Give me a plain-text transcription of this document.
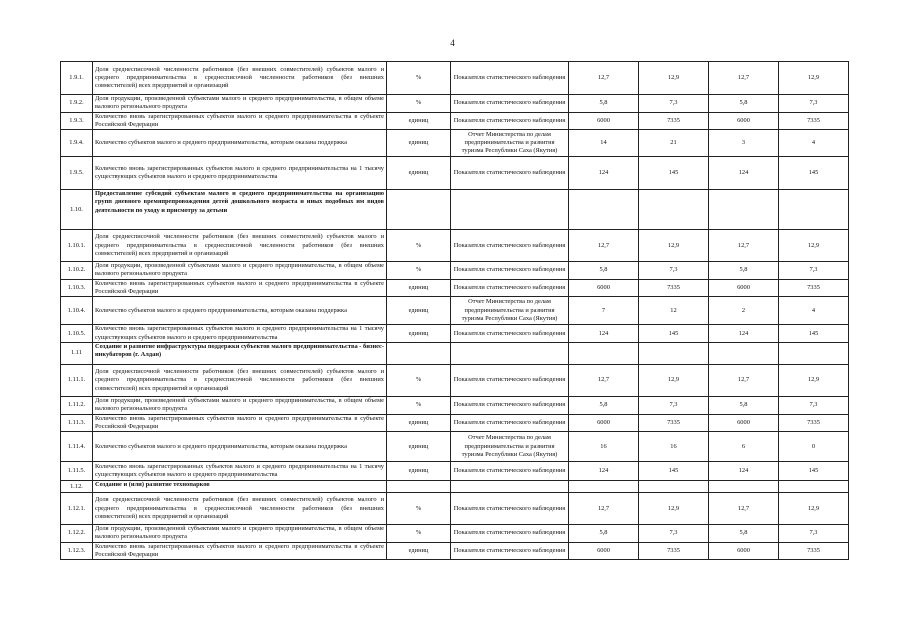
4
1.9.1.	Доля среднесписочной численности работников (без внешних совместителей) субъектов малого и среднего предпринимательства в среднесписочной численности работников (без внешних совместителей) всех предприятий и организаций	%	Показатели статистического наблюдения	12,7	12,9	12,7	12,9
1.9.2.	Доля продукции, произведенной субъектами малого и среднего предпринимательства, в общем объеме валового регионального продукта	%	Показатели статистического наблюдения	5,8	7,3	5,8	7,3
1.9.3.	Количество вновь зарегистрированных субъектов малого и среднего предпринимательства в субъекте Российской Федерации	единиц	Показатели статистического наблюдения	6000	7335	6000	7335
1.9.4.	Количество субъектов малого и среднего предпринимательства, которым оказана поддержка	единиц	Отчет Министерства по делам предпринимательства и развития туризма Республики Саха (Якутия)	14	21	3	4
1.9.5.	Количество вновь зарегистрированных субъектов малого и среднего предпринимательства на 1 тысячу существующих субъектов малого и среднего предпринимательства	единиц	Показатели статистического наблюдения	124	145	124	145
1.10.	Предоставление субсидий субъектам малого и среднего предпринимательства на организацию групп дневного времяпрепровождения детей дошкольного возраста и иных подобных им видов деятельности по уходу и присмотру за детьми						
1.10.1.	Доля среднесписочной численности работников (без внешних совместителей) субъектов малого и среднего предпринимательства в среднесписочной численности работников (без внешних совместителей) всех предприятий и организаций	%	Показатели статистического наблюдения	12,7	12,9	12,7	12,9
1.10.2.	Доля продукции, произведенной субъектами малого и среднего предпринимательства, в общем объеме валового регионального продукта	%	Показатели статистического наблюдения	5,8	7,3	5,8	7,3
1.10.3.	Количество вновь зарегистрированных субъектов малого и среднего предпринимательства в субъекте Российской Федерации	единиц	Показатели статистического наблюдения	6000	7335	6000	7335
1.10.4.	Количество субъектов малого и среднего предпринимательства, которым оказана поддержка	единиц	Отчет Министерства по делам предпринимательства и развития туризма Республики Саха (Якутия)	7	12	2	4
1.10.5.	Количество вновь зарегистрированных субъектов малого и среднего предпринимательства на 1 тысячу существующих субъектов малого и среднего предпринимательства	единиц	Показатели статистического наблюдения	124	145	124	145
1.11	Создание и развитие инфраструктуры поддержки субъектов малого предпринимательства - бизнес-инкубаторов (г. Алдан)						
1.11.1.	Доля среднесписочной численности работников (без внешних совместителей) субъектов малого и среднего предпринимательства в среднесписочной численности работников (без внешних совместителей) всех предприятий и организаций	%	Показатели статистического наблюдения	12,7	12,9	12,7	12,9
1.11.2.	Доля продукции, произведенной субъектами малого и среднего предпринимательства, в общем объеме валового регионального продукта	%	Показатели статистического наблюдения	5,8	7,3	5,8	7,3
1.11.3.	Количество вновь зарегистрированных субъектов малого и среднего предпринимательства в субъекте Российской Федерации	единиц	Показатели статистического наблюдения	6000	7335	6000	7335
1.11.4.	Количество субъектов малого и среднего предпринимательства, которым оказана поддержка	единиц	Отчет Министерства по делам предпринимательства и развития туризма Республики Саха (Якутия)	16	16	6	0
1.11.5.	Количество вновь зарегистрированных субъектов малого и среднего предпринимательства на 1 тысячу существующих субъектов малого и среднего предпринимательства	единиц	Показатели статистического наблюдения	124	145	124	145
1.12.	Создание и (или) развитие технопарков						
1.12.1.	Доля среднесписочной численности работников (без внешних совместителей) субъектов малого и среднего предпринимательства в среднесписочной численности работников (без внешних совместителей) всех предприятий и организаций	%	Показатели статистического наблюдения	12,7	12,9	12,7	12,9
1.12.2.	Доля продукции, произведенной субъектами малого и среднего предпринимательства, в общем объеме валового регионального продукта	%	Показатели статистического наблюдения	5,8	7,3	5,8	7,3
1.12.3.	Количество вновь зарегистрированных субъектов малого и среднего предпринимательства в субъекте Российской Федерации	единиц	Показатели статистического наблюдения	6000	7335	6000	7335
